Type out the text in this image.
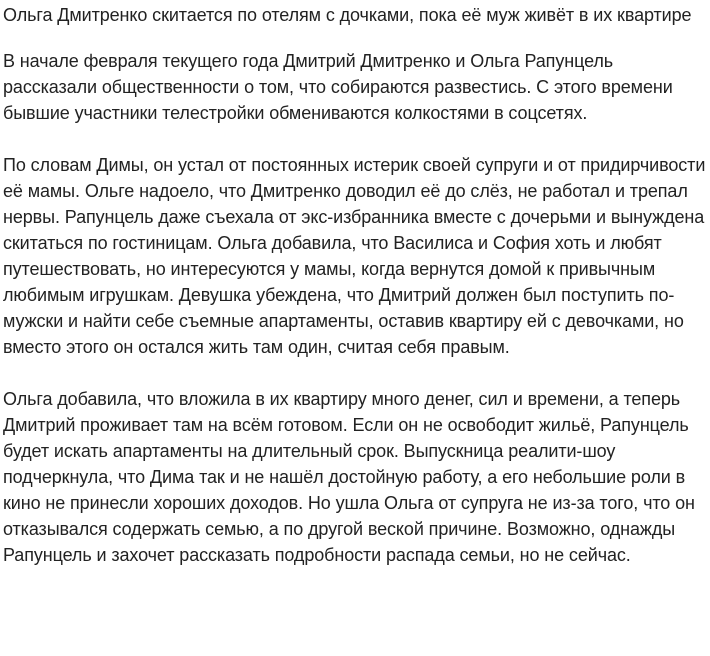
Ольга Дмитренко скитается по отелям с дочками, пока её муж живёт в их квартире

В начале февраля текущего года Дмитрий Дмитренко и Ольга Рапунцель рассказали общественности о том, что собираются развестись. С этого времени бывшие участники телестройки обмениваются колкостями в соцсетях.

По словам Димы, он устал от постоянных истерик своей супруги и от придирчивости её мамы. Ольге надоело, что Дмитренко доводил её до слёз, не работал и трепал нервы. Рапунцель даже съехала от экс-избранника вместе с дочерьми и вынуждена скитаться по гостиницам. Ольга добавила, что Василиса и София хоть и любят путешествовать, но интересуются у мамы, когда вернутся домой к привычным любимым игрушкам. Девушка убеждена, что Дмитрий должен был поступить по-мужски и найти себе съемные апартаменты, оставив квартиру ей с девочками, но вместо этого он остался жить там один, считая себя правым.

Ольга добавила, что вложила в их квартиру много денег, сил и времени, а теперь Дмитрий проживает там на всём готовом. Если он не освободит жильё, Рапунцель будет искать апартаменты на длительный срок. Выпускница реалити-шоу подчеркнула, что Дима так и не нашёл достойную работу, а его небольшие роли в кино не принесли хороших доходов. Но ушла Ольга от супруга не из-за того, что он отказывался содержать семью, а по другой веской причине. Возможно, однажды Рапунцель и захочет рассказать подробности распада семьи, но не сейчас.
